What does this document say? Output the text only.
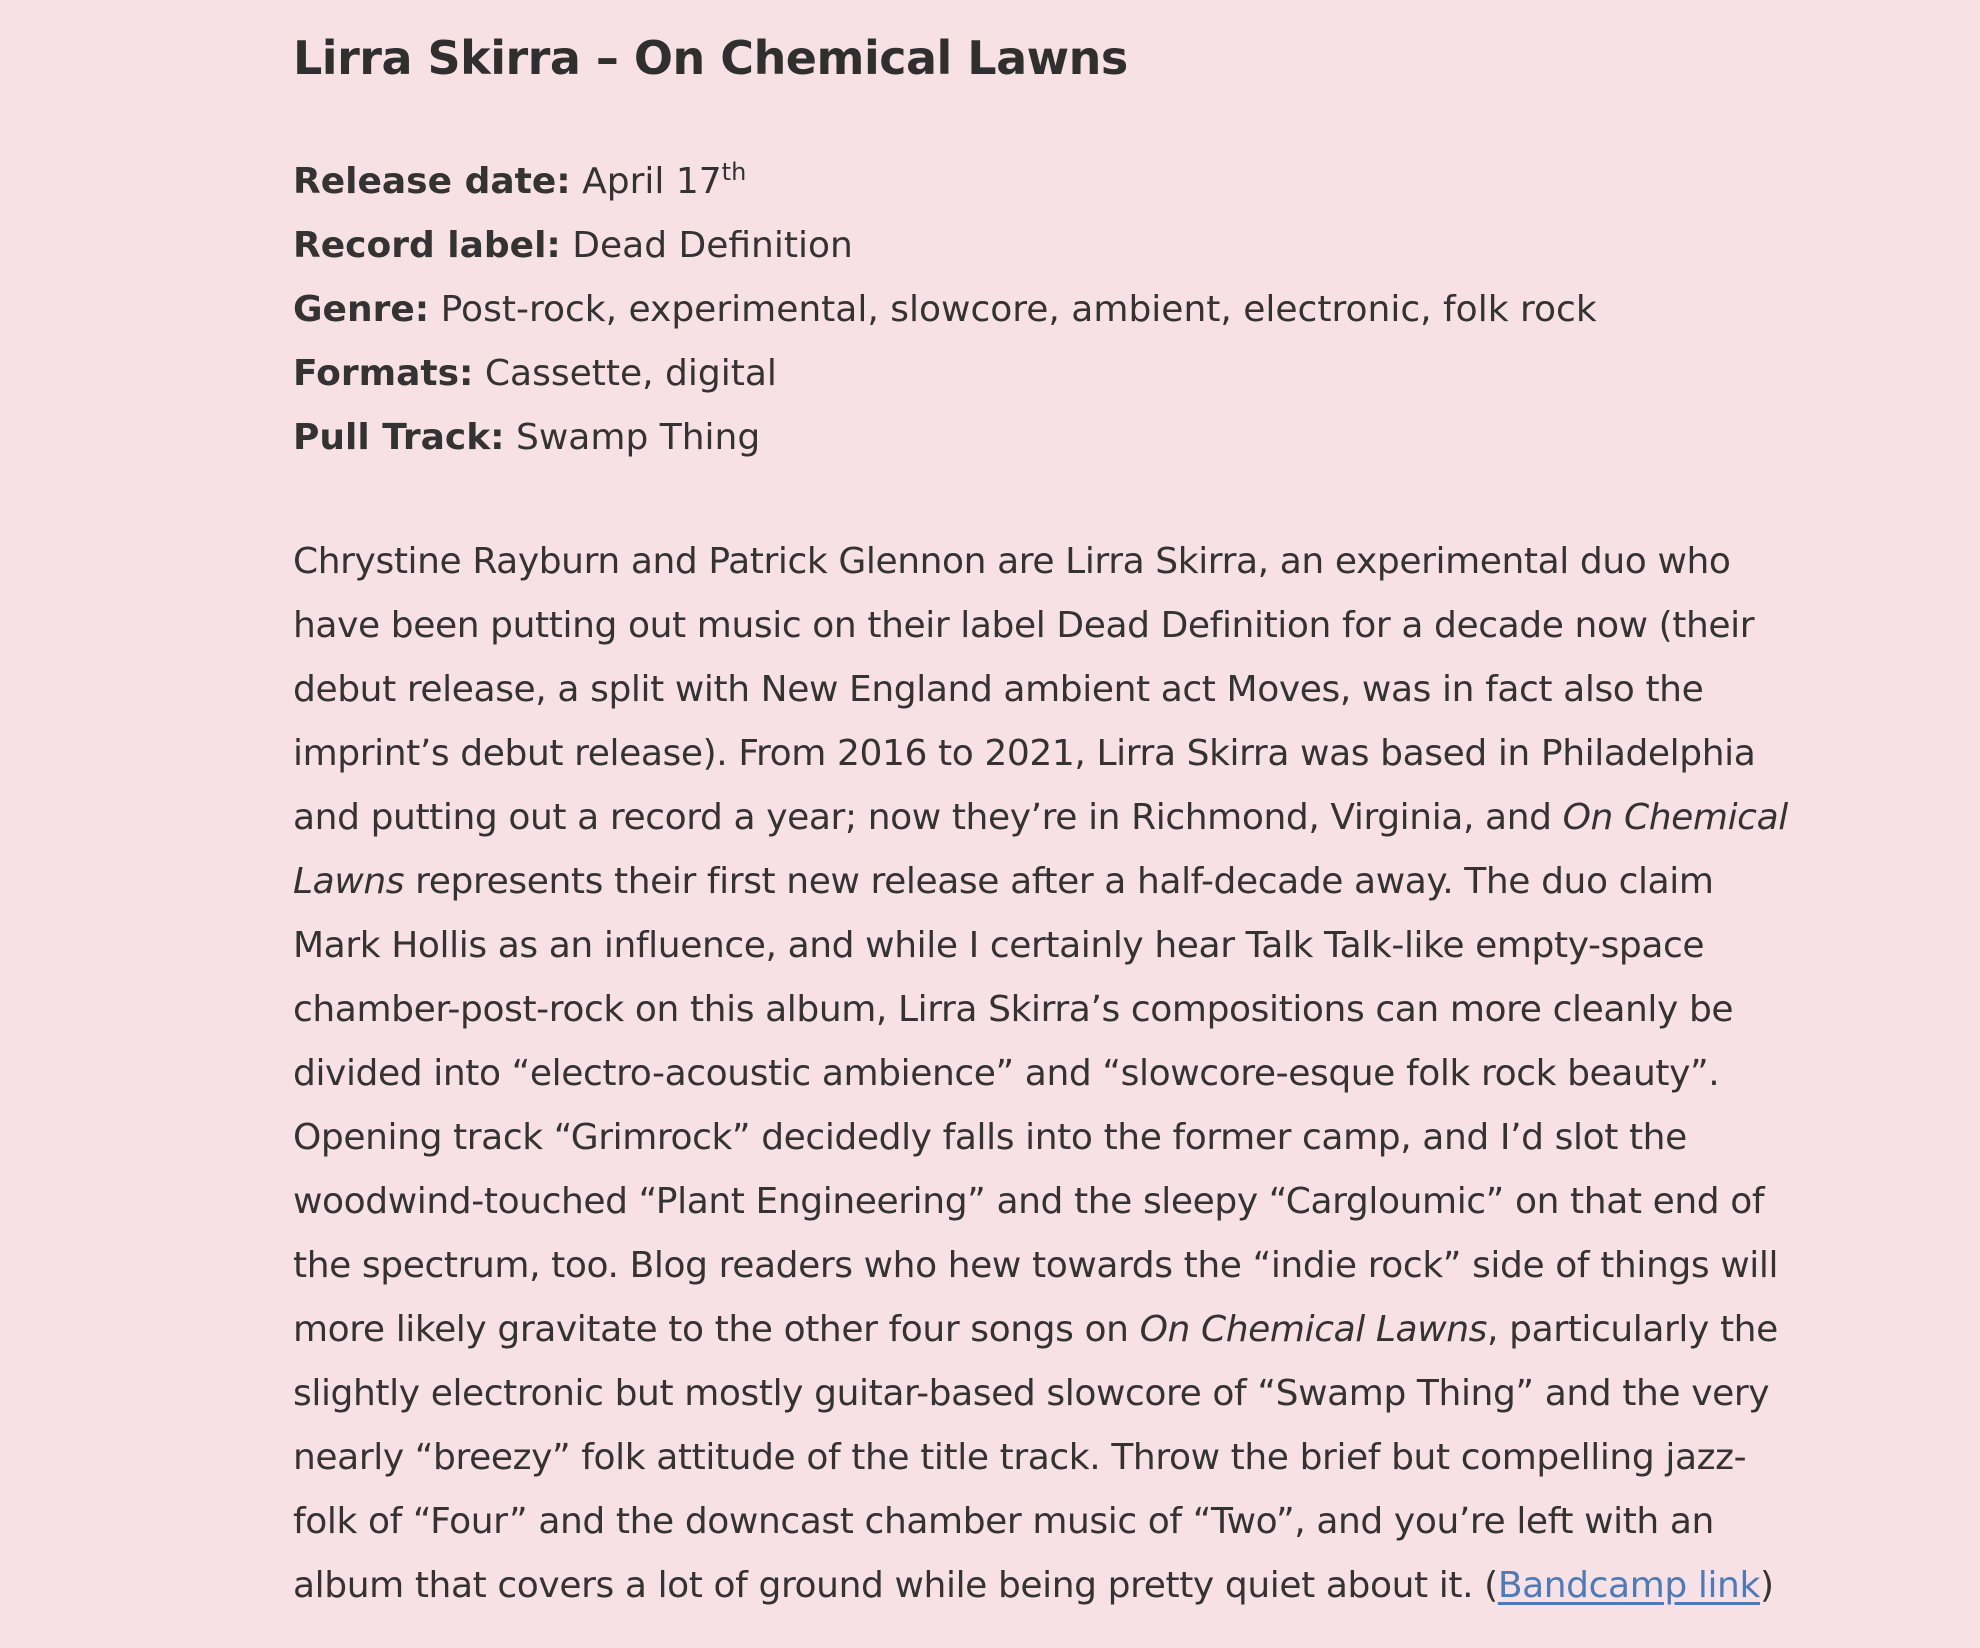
Lirra Skirra – On Chemical Lawns
Release date: April 17th
Record label: Dead Definition
Genre: Post-rock, experimental, slowcore, ambient, electronic, folk rock
Formats: Cassette, digital
Pull Track: Swamp Thing

Chrystine Rayburn and Patrick Glennon are Lirra Skirra, an experimental duo who have been putting out music on their label Dead Definition for a decade now (their debut release, a split with New England ambient act Moves, was in fact also the imprint’s debut release). From 2016 to 2021, Lirra Skirra was based in Philadelphia and putting out a record a year; now they’re in Richmond, Virginia, and On Chemical Lawns represents their first new release after a half-decade away. The duo claim Mark Hollis as an influence, and while I certainly hear Talk Talk-like empty-space chamber-post-rock on this album, Lirra Skirra’s compositions can more cleanly be divided into “electro-acoustic ambience” and “slowcore-esque folk rock beauty”. Opening track “Grimrock” decidedly falls into the former camp, and I’d slot the woodwind-touched “Plant Engineering” and the sleepy “Cargloumic” on that end of the spectrum, too. Blog readers who hew towards the “indie rock” side of things will more likely gravitate to the other four songs on On Chemical Lawns, particularly the slightly electronic but mostly guitar-based slowcore of “Swamp Thing” and the very nearly “breezy” folk attitude of the title track. Throw the brief but compelling jazz-folk of “Four” and the downcast chamber music of “Two”, and you’re left with an album that covers a lot of ground while being pretty quiet about it. (Bandcamp link)
